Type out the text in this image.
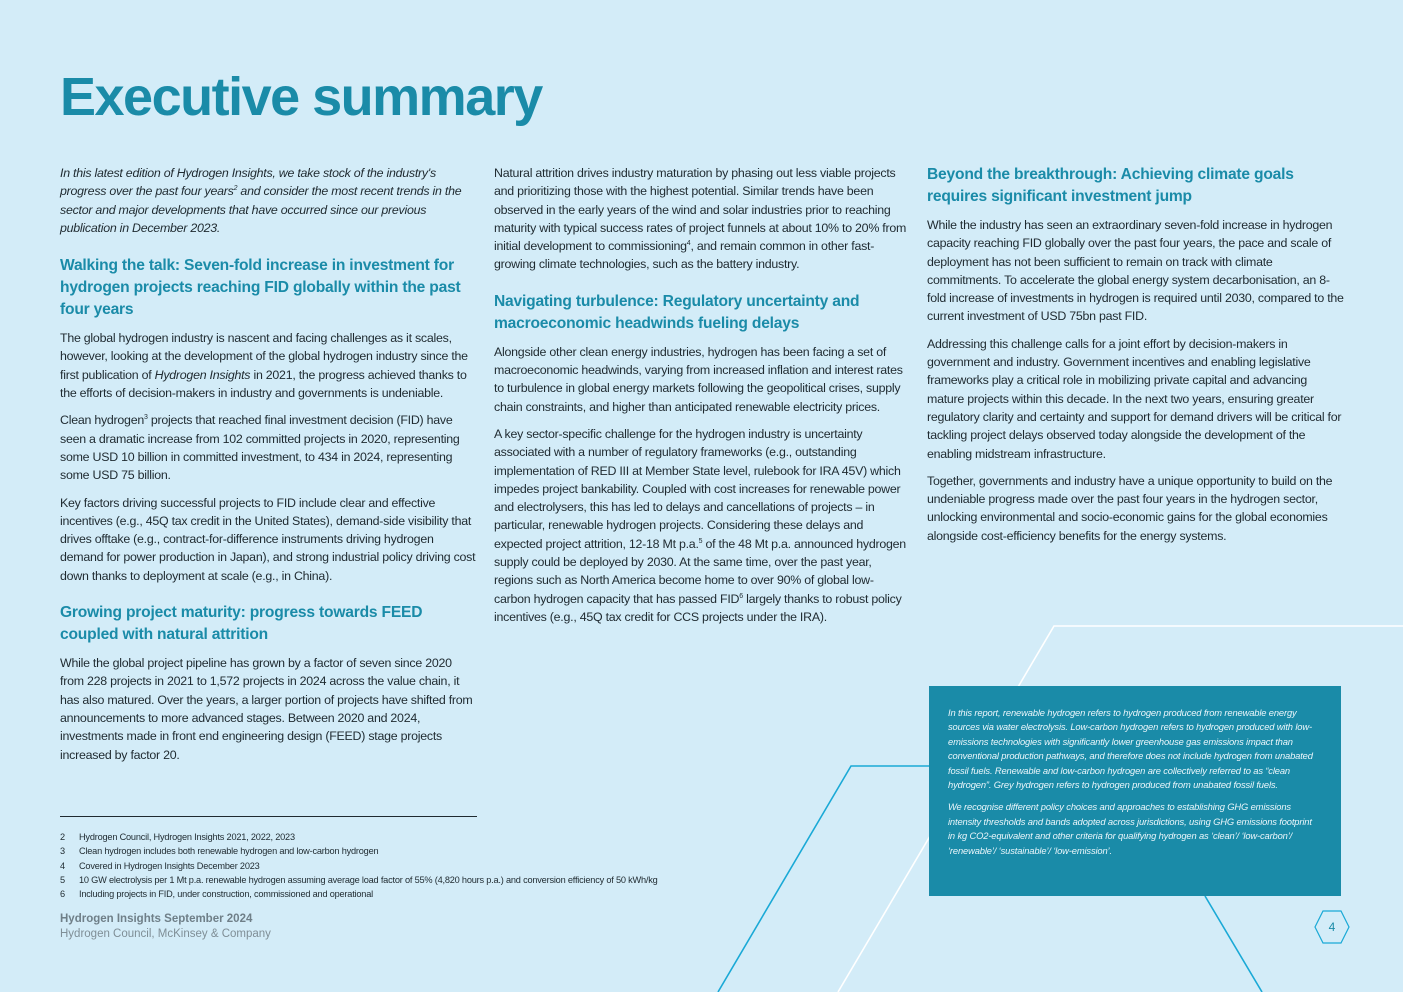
Executive summary

In this latest edition of Hydrogen Insights, we take stock of the industry's progress over the past four years$^2$ and consider the most recent trends in the sector and major developments that have occurred since our previous publication in December 2023.

Walking the talk: Seven-fold increase in investment for hydrogen projects reaching FID globally within the past four years

The global hydrogen industry is nascent and facing challenges as it scales, however, looking at the development of the global hydrogen industry since the first publication of Hydrogen Insights in 2021, the progress achieved thanks to the efforts of decision-makers in industry and governments is undeniable.

Clean hydrogen$^3$ projects that reached final investment decision (FID) have seen a dramatic increase from 102 committed projects in 2020, representing some USD 10 billion in committed investment, to 434 in 2024, representing some USD 75 billion.

Key factors driving successful projects to FID include clear and effective incentives (e.g., 45Q tax credit in the United States), demand-side visibility that drives offtake (e.g., contract-for-difference instruments driving hydrogen demand for power production in Japan), and strong industrial policy driving cost down thanks to deployment at scale (e.g., in China).

Growing project maturity: progress towards FEED coupled with natural attrition

While the global project pipeline has grown by a factor of seven since 2020 from 228 projects in 2021 to 1,572 projects in 2024 across the value chain, it has also matured. Over the years, a larger portion of projects have shifted from announcements to more advanced stages. Between 2020 and 2024, investments made in front end engineering design (FEED) stage projects increased by factor 20.

Natural attrition drives industry maturation by phasing out less viable projects and prioritizing those with the highest potential. Similar trends have been observed in the early years of the wind and solar industries prior to reaching maturity with typical success rates of project funnels at about 10% to 20% from initial development to commissioning$^4$, and remain common in other fast-growing climate technologies, such as the battery industry.

Navigating turbulence: Regulatory uncertainty and macroeconomic headwinds fueling delays

Alongside other clean energy industries, hydrogen has been facing a set of macroeconomic headwinds, varying from increased inflation and interest rates to turbulence in global energy markets following the geopolitical crises, supply chain constraints, and higher than anticipated renewable electricity prices.

A key sector-specific challenge for the hydrogen industry is uncertainty associated with a number of regulatory frameworks (e.g., outstanding implementation of RED III at Member State level, rulebook for IRA 45V) which impedes project bankability. Coupled with cost increases for renewable power and electrolysers, this has led to delays and cancellations of projects – in particular, renewable hydrogen projects. Considering these delays and expected project attrition, 12-18 Mt p.a.$^5$ of the 48 Mt p.a. announced hydrogen supply could be deployed by 2030. At the same time, over the past year, regions such as North America become home to over 90% of global low-carbon hydrogen capacity that has passed FID$^6$ largely thanks to robust policy incentives (e.g., 45Q tax credit for CCS projects under the IRA).

Beyond the breakthrough: Achieving climate goals requires significant investment jump

While the industry has seen an extraordinary seven-fold increase in hydrogen capacity reaching FID globally over the past four years, the pace and scale of deployment has not been sufficient to remain on track with climate commitments. To accelerate the global energy system decarbonisation, an 8-fold increase of investments in hydrogen is required until 2030, compared to the current investment of USD 75bn past FID.

Addressing this challenge calls for a joint effort by decision-makers in government and industry. Government incentives and enabling legislative frameworks play a critical role in mobilizing private capital and advancing mature projects within this decade. In the next two years, ensuring greater regulatory clarity and certainty and support for demand drivers will be critical for tackling project delays observed today alongside the development of the enabling midstream infrastructure.

Together, governments and industry have a unique opportunity to build on the undeniable progress made over the past four years in the hydrogen sector, unlocking environmental and socio-economic gains for the global economies alongside cost-efficiency benefits for the energy systems.

In this report, renewable hydrogen refers to hydrogen produced from renewable energy sources via water electrolysis. Low-carbon hydrogen refers to hydrogen produced with low-emissions technologies with significantly lower greenhouse gas emissions impact than conventional production pathways, and therefore does not include hydrogen from unabated fossil fuels. Renewable and low-carbon hydrogen are collectively referred to as “clean hydrogen”. Grey hydrogen refers to hydrogen produced from unabated fossil fuels.

We recognise different policy choices and approaches to establishing GHG emissions intensity thresholds and bands adopted across jurisdictions, using GHG emissions footprint in kg CO2-equivalent and other criteria for qualifying hydrogen as ‘clean’/ ‘low-carbon’/ ‘renewable’/ ‘sustainable’/ ‘low-emission’.

2	Hydrogen Council, Hydrogen Insights 2021, 2022, 2023
3	Clean hydrogen includes both renewable hydrogen and low-carbon hydrogen
4	Covered in Hydrogen Insights December 2023
5	10 GW electrolysis per 1 Mt p.a. renewable hydrogen assuming average load factor of 55% (4,820 hours p.a.) and conversion efficiency of 50 kWh/kg
6	Including projects in FID, under construction, commissioned and operational
Hydrogen Insights September 2024
Hydrogen Council, McKinsey & Company	4
